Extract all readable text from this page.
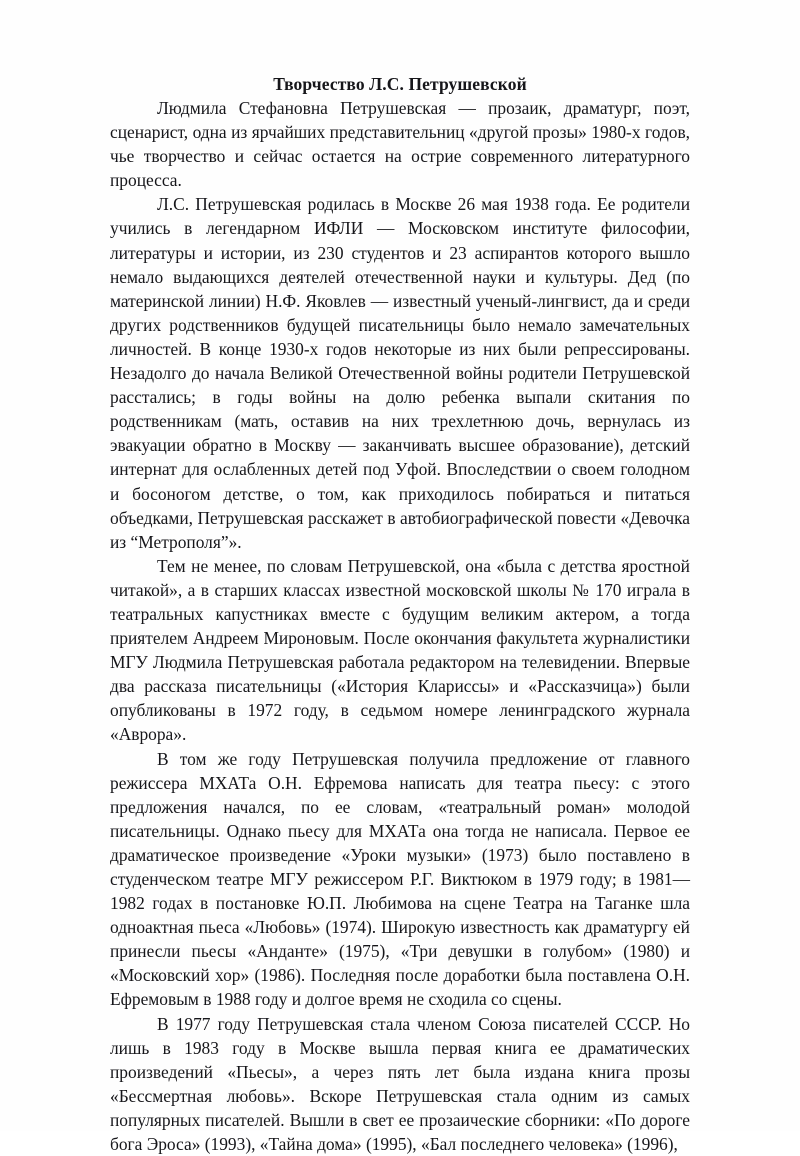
Творчество Л.С. Петрушевской

Людмила Стефановна Петрушевская — прозаик, драматург, поэт, сценарист, одна из ярчайших представительниц «другой прозы» 1980-х годов, чье творчество и сейчас остается на острие современного литературного процесса.

Л.С. Петрушевская родилась в Москве 26 мая 1938 года. Ее родители учились в легендарном ИФЛИ — Московском институте философии, литературы и истории, из 230 студентов и 23 аспирантов которого вышло немало выдающихся деятелей отечественной науки и культуры. Дед (по материнской линии) Н.Ф. Яковлев — известный ученый-лингвист, да и среди других родственников будущей писательницы было немало замечательных личностей. В конце 1930-х годов некоторые из них были репрессированы. Незадолго до начала Великой Отечественной войны родители Петрушевской расстались; в годы войны на долю ребенка выпали скитания по родственникам (мать, оставив на них трехлетнюю дочь, вернулась из эвакуации обратно в Москву — заканчивать высшее образование), детский интернат для ослабленных детей под Уфой. Впоследствии о своем голодном и босоногом детстве, о том, как приходилось побираться и питаться объедками, Петрушевская расскажет в автобиографической повести «Девочка из “Метрополя”».

Тем не менее, по словам Петрушевской, она «была с детства яростной читакой», а в старших классах известной московской школы № 170 играла в театральных капустниках вместе с будущим великим актером, а тогда приятелем Андреем Мироновым. После окончания факультета журналистики МГУ Людмила Петрушевская работала редактором на телевидении. Впервые два рассказа писательницы («История Клариссы» и «Рассказчица») были опубликованы в 1972 году, в седьмом номере ленинградского журнала «Аврора».

В том же году Петрушевская получила предложение от главного режиссера МХАТа О.Н. Ефремова написать для театра пьесу: с этого предложения начался, по ее словам, «театральный роман» молодой писательницы. Однако пьесу для МХАТа она тогда не написала. Первое ее драматическое произведение «Уроки музыки» (1973) было поставлено в студенческом театре МГУ режиссером Р.Г. Виктюком в 1979 году; в 1981—1982 годах в постановке Ю.П. Любимова на сцене Театра на Таганке шла одноактная пьеса «Любовь» (1974). Широкую известность как драматургу ей принесли пьесы «Анданте» (1975), «Три девушки в голубом» (1980) и «Московский хор» (1986). Последняя после доработки была поставлена О.Н. Ефремовым в 1988 году и долгое время не сходила со сцены.

В 1977 году Петрушевская стала членом Союза писателей СССР. Но лишь в 1983 году в Москве вышла первая книга ее драматических произведений «Пьесы», а через пять лет была издана книга прозы «Бессмертная любовь». Вскоре Петрушевская стала одним из самых популярных писателей. Вышли в свет ее прозаические сборники: «По дороге бога Эроса» (1993), «Тайна дома» (1995), «Бал последнего человека» (1996),
